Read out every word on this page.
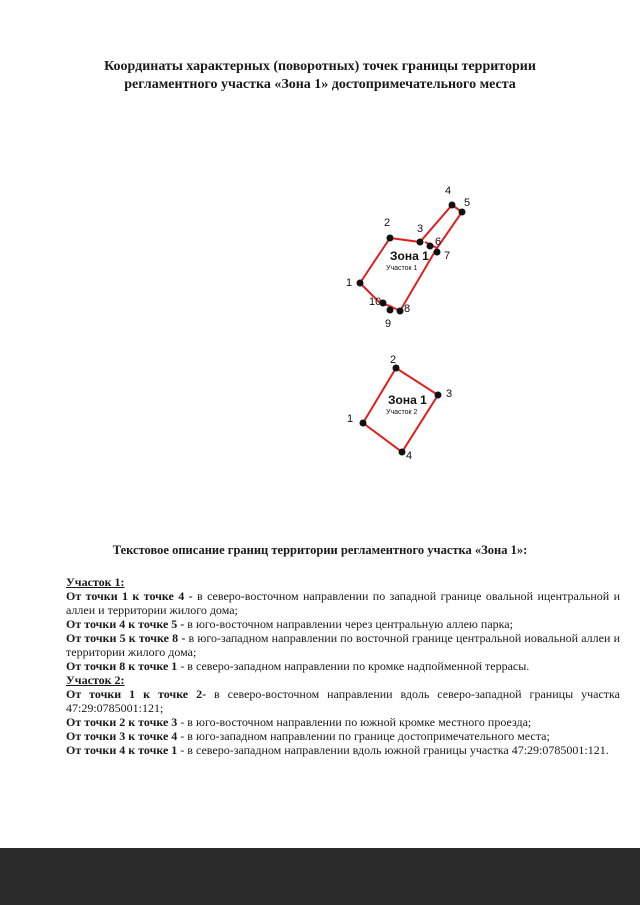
Координаты характерных (поворотных) точек границы территории
регламентного участка «Зона 1» достопримечательного места
1
2 3
4
5
6
7
8
9
10
Зона 1
Участок 1
1
2
3
4
Зона 1
Участок 2
Текстовое описание границ территории регламентного участка «Зона 1»:

Участок 1:

От точки 1 к точке 4 - в северо-восточном направлении по западной границе овальной ицентральной и аллеи и территории жилого дома;

От точки 4 к точке 5 - в юго-восточном направлении через центральную аллею парка;

От точки 5 к точке 8 - в юго-западном направлении по восточной границе центральной иовальной аллеи и территории жилого дома;

От точки 8 к точке 1 - в северо-западном направлении по кромке надпойменной террасы.

Участок 2:

От точки 1 к точке 2- в северо-восточном направлении вдоль северо-западной границы участка 47:29:0785001:121;

От точки 2 к точке 3 - в юго-восточном направлении по южной кромке местного проезда;

От точки 3 к точке 4 - в юго-западном направлении по границе достопримечательного места;

От точки 4 к точке 1 - в северо-западном направлении вдоль южной границы участка 47:29:0785001:121.
